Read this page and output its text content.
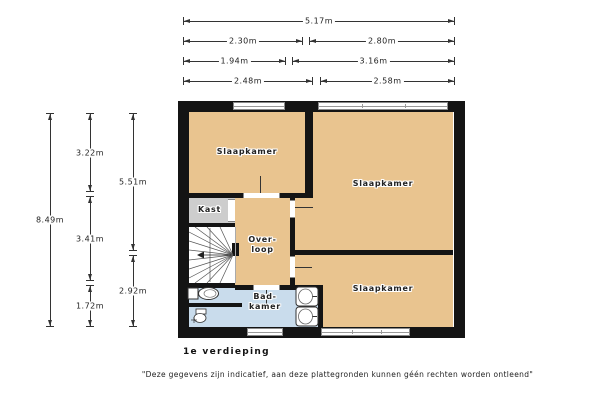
5.17m
2.30m	2.80m
1.94m	3.16m
2.48m	2.58m
8.49m
3.22m
3.41m
1.72m
5.51m
2.92m
Slaapkamer
Slaapkamer
Slaapkamer
Kast
Over-
loop
Bad-
kamer
1e verdieping
"Deze gegevens zijn indicatief, aan deze plattegronden kunnen géén rechten worden ontleend"
